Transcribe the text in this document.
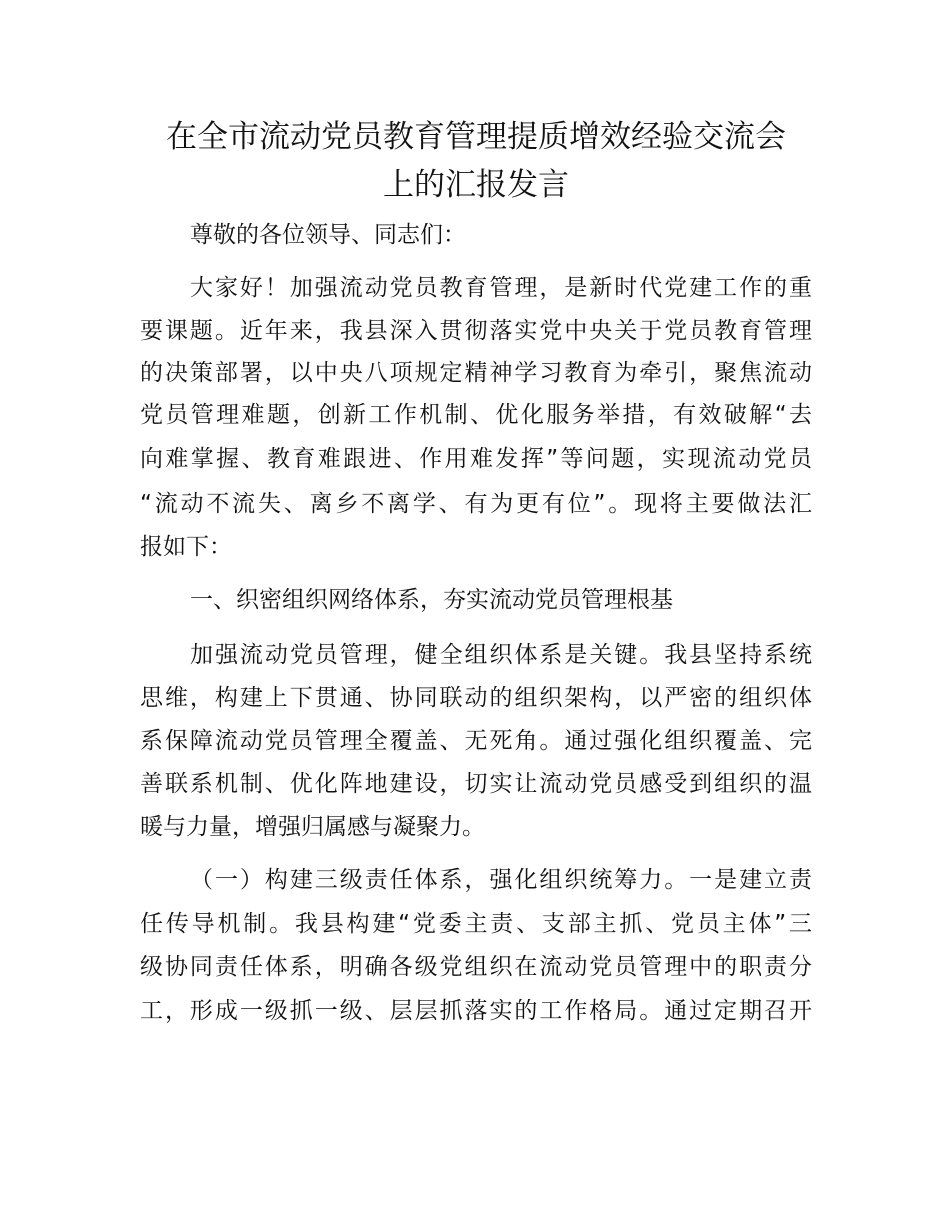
在全市流动党员教育管理提质增效经验交流会
上的汇报发言
尊敬的各位领导、同志们：
大家好！加强流动党员教育管理，是新时代党建工作的重
要课题。近年来，我县深入贯彻落实党中央关于党员教育管理
的决策部署，以中央八项规定精神学习教育为牵引，聚焦流动
党员管理难题，创新工作机制、优化服务举措，有效破解“去
向难掌握、教育难跟进、作用难发挥”等问题，实现流动党员
“流动不流失、离乡不离学、有为更有位”。现将主要做法汇
报如下：
一、织密组织网络体系，夯实流动党员管理根基
加强流动党员管理，健全组织体系是关键。我县坚持系统
思维，构建上下贯通、协同联动的组织架构，以严密的组织体
系保障流动党员管理全覆盖、无死角。通过强化组织覆盖、完
善联系机制、优化阵地建设，切实让流动党员感受到组织的温
暖与力量，增强归属感与凝聚力。
（一）构建三级责任体系，强化组织统筹力。一是建立责
任传导机制。我县构建“党委主责、支部主抓、党员主体”三
级协同责任体系，明确各级党组织在流动党员管理中的职责分
工，形成一级抓一级、层层抓落实的工作格局。通过定期召开
